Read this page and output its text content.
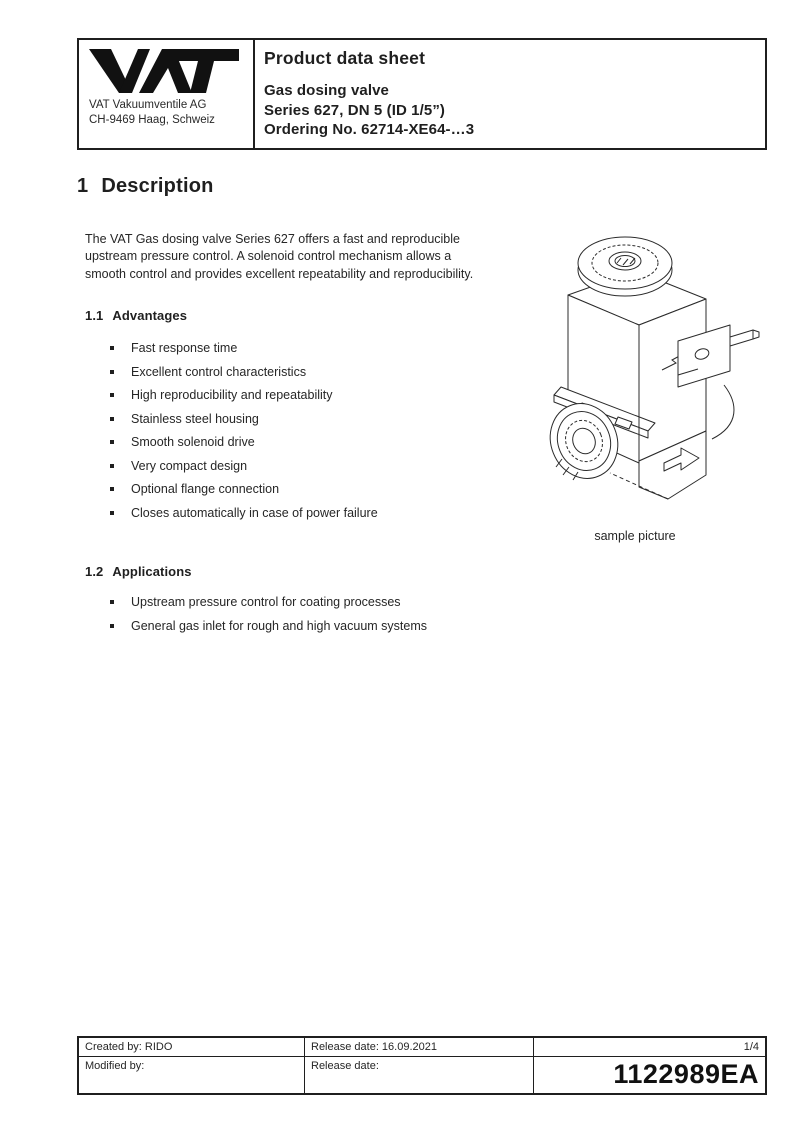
VAT Vakuumventile AG
CH-9469 Haag, Schweiz
Product data sheet
Gas dosing valve
Series 627, DN 5 (ID 1/5”)
Ordering No. 62714-XE64-…3
1 Description
The VAT Gas dosing valve Series 627 offers a fast and reproducible
upstream pressure control. A solenoid control mechanism allows a
smooth control and provides excellent repeatability and reproducibility.
1.1 Advantages
Fast response time
Excellent control characteristics
High reproducibility and repeatability
Stainless steel housing
Smooth solenoid drive
Very compact design
Optional flange connection
Closes automatically in case of power failure
1.2 Applications
Upstream pressure control for coating processes
General gas inlet for rough and high vacuum systems
sample picture
Created by: RIDO	Release date: 16.09.2021	1/4
Modified by:	Release date:	1122989EA
